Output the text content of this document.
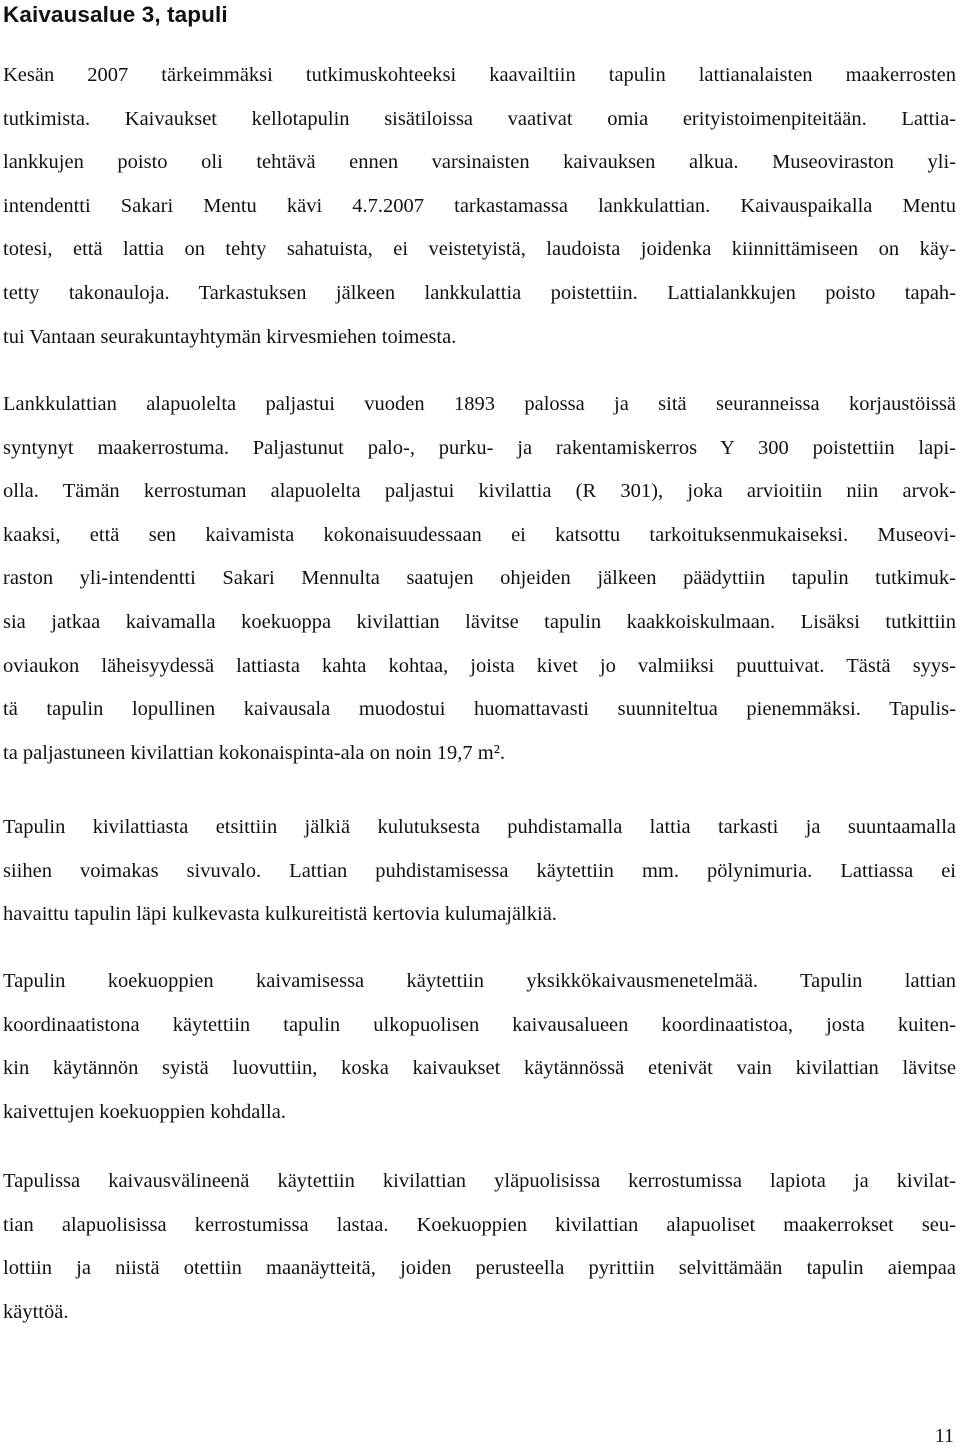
Kaivausalue 3, tapuli

Kesän 2007 tärkeimmäksi tutkimuskohteeksi kaavailtiin tapulin lattianalaisten maakerrosten
tutkimista. Kaivaukset kellotapulin sisätiloissa vaativat omia erityistoimenpiteitään. Lattia-
lankkujen poisto oli tehtävä ennen varsinaisten kaivauksen alkua. Museoviraston yli-
intendentti Sakari Mentu kävi 4.7.2007 tarkastamassa lankkulattian. Kaivauspaikalla Mentu
totesi, että lattia on tehty sahatuista, ei veistetyistä, laudoista joidenka kiinnittämiseen on käy-
tetty takonauloja. Tarkastuksen jälkeen lankkulattia poistettiin. Lattialankkujen poisto tapah-
tui Vantaan seurakuntayhtymän kirvesmiehen toimesta.

Lankkulattian alapuolelta paljastui vuoden 1893 palossa ja sitä seuranneissa korjaustöissä
syntynyt maakerrostuma. Paljastunut palo-, purku- ja rakentamiskerros Y 300 poistettiin lapi-
olla. Tämän kerrostuman alapuolelta paljastui kivilattia (R 301), joka arvioitiin niin arvok-
kaaksi, että sen kaivamista kokonaisuudessaan ei katsottu tarkoituksenmukaiseksi. Museovi-
raston yli-intendentti Sakari Mennulta saatujen ohjeiden jälkeen päädyttiin tapulin tutkimuk-
sia jatkaa kaivamalla koekuoppa kivilattian lävitse tapulin kaakkoiskulmaan. Lisäksi tutkittiin
oviaukon läheisyydessä lattiasta kahta kohtaa, joista kivet jo valmiiksi puuttuivat. Tästä syys-
tä tapulin lopullinen kaivausala muodostui huomattavasti suunniteltua pienemmäksi. Tapulis-
ta paljastuneen kivilattian kokonaispinta-ala on noin 19,7 m².

Tapulin kivilattiasta etsittiin jälkiä kulutuksesta puhdistamalla lattia tarkasti ja suuntaamalla
siihen voimakas sivuvalo. Lattian puhdistamisessa käytettiin mm. pölynimuria. Lattiassa ei
havaittu tapulin läpi kulkevasta kulkureitistä kertovia kulumajälkiä.

Tapulin koekuoppien kaivamisessa käytettiin yksikkökaivausmenetelmää. Tapulin lattian
koordinaatistona käytettiin tapulin ulkopuolisen kaivausalueen koordinaatistoa, josta kuiten-
kin käytännön syistä luovuttiin, koska kaivaukset käytännössä etenivät vain kivilattian lävitse
kaivettujen koekuoppien kohdalla.

Tapulissa kaivausvälineenä käytettiin kivilattian yläpuolisissa kerrostumissa lapiota ja kivilat-
tian alapuolisissa kerrostumissa lastaa. Koekuoppien kivilattian alapuoliset maakerrokset seu-
lottiin ja niistä otettiin maanäytteitä, joiden perusteella pyrittiin selvittämään tapulin aiempaa
käyttöä.

11
